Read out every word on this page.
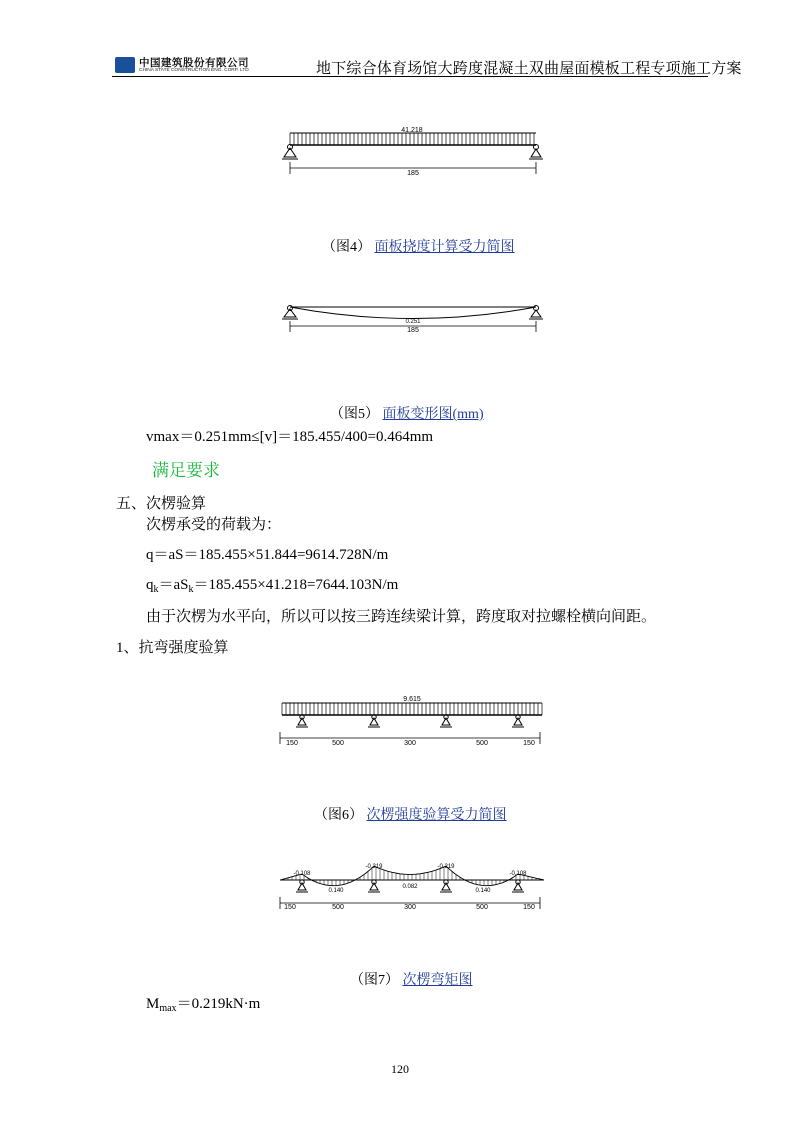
中国建筑股份有限公司
CHINA STATE CONSTRUCTION ENG. CORP. LTD	地下综合体育场馆大跨度混凝土双曲屋面模板工程专项施工方案
41.218
185
（图4） 面板挠度计算受力简图
0.251
185
（图5） 面板变形图(mm)
vmax＝0.251mm≤[v]＝185.455/400=0.464mm
满足要求
五、次楞验算
次楞承受的荷载为：
q＝aS＝185.455×51.844=9614.728N/m
$q_k=aS_k=185.455\times 41.218=7644.103N/m$
由于次楞为水平向，所以可以按三跨连续梁计算，跨度取对拉螺栓横向间距。
1、抗弯强度验算
9.615
150	500	300	500	150
（图6） 次楞强度验算受力简图
-0.108
-0.219	-0.219
-0.108
0.140
0.082
0.140
150	500	300	500	150
（图7） 次楞弯矩图
$M_{max}=0.219kN\cdot m$
120
